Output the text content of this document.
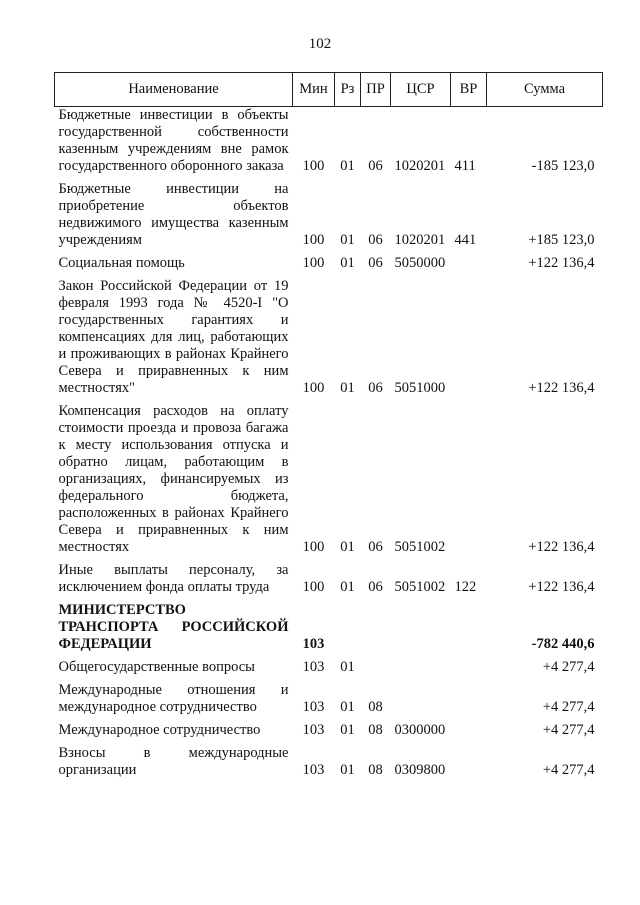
102
Наименование	Мин	Рз	ПР	ЦСР	ВР	Сумма
Бюджетные инвестиции в объекты государственной собственности казенным учреждениям вне рамок государственного оборонного заказа	100	01	06	1020201	411	-185 123,0
Бюджетные инвестиции на приобретение объектов недвижимого имущества казенным учреждениям	100	01	06	1020201	441	+185 123,0
Социальная помощь	100	01	06	5050000		+122 136,4
Закон Российской Федерации от 19 февраля 1993 года № 4520-I "О государственных гарантиях и компенсациях для лиц, работающих и проживающих в районах Крайнего Севера и приравненных к ним местностях"	100	01	06	5051000		+122 136,4
Компенсация расходов на оплату стоимости проезда и провоза багажа к месту использования отпуска и обратно лицам, работающим в организациях, финансируемых из федерального бюджета, расположенных в районах Крайнего Севера и приравненных к ним местностях	100	01	06	5051002		+122 136,4
Иные выплаты персоналу, за исключением фонда оплаты труда	100	01	06	5051002	122	+122 136,4
МИНИСТЕРСТВО ТРАНСПОРТА РОССИЙСКОЙ ФЕДЕРАЦИИ	103					-782 440,6
Общегосударственные вопросы	103	01				+4 277,4
Международные отношения и международное сотрудничество	103	01	08			+4 277,4
Международное сотрудничество	103	01	08	0300000		+4 277,4
Взносы в международные организации	103	01	08	0309800		+4 277,4
